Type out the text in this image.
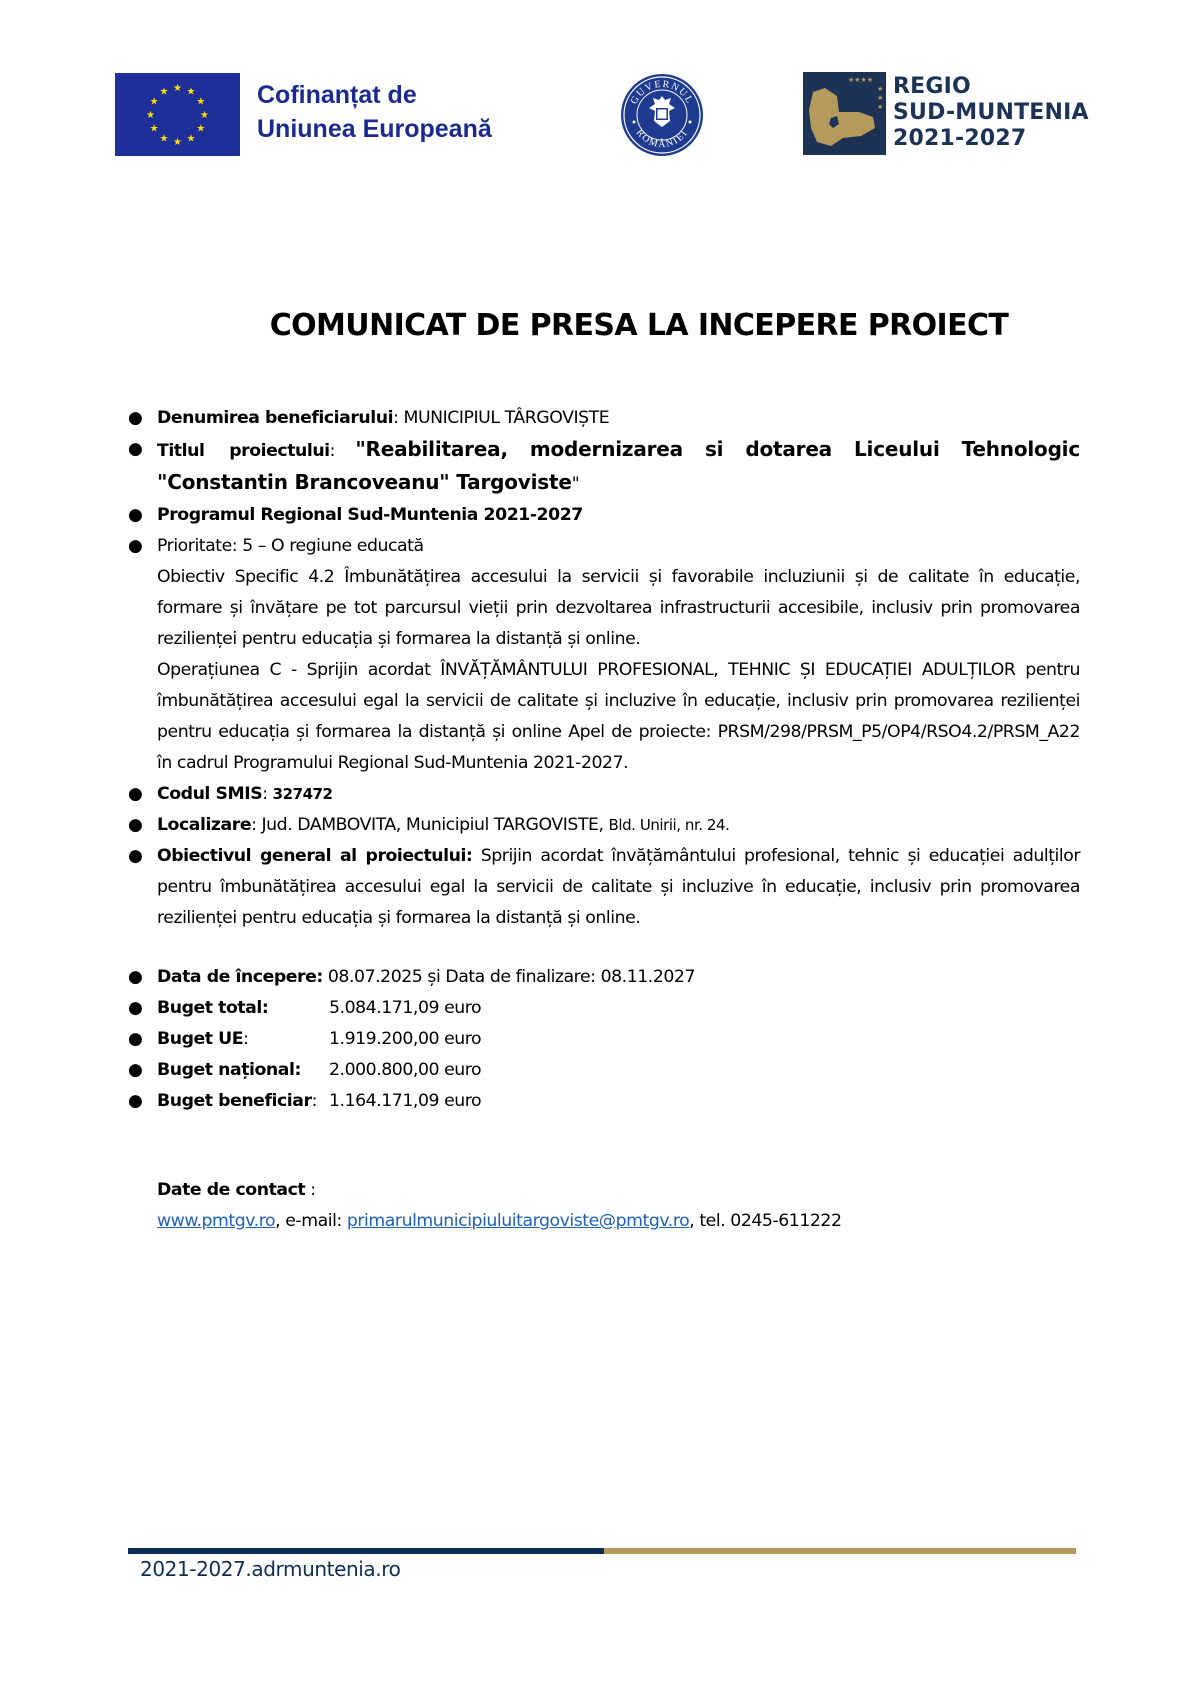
★ ★
★
★
★
★
★
★
★
★
★
★	Cofinanțat de
Uniunea Europeană
GUVERNUL
ROMÂNIEI
★★★★
★
★
★
REGIO
SUD-MUNTENIA
2021-2027
COMUNICAT DE PRESA LA INCEPERE PROIECT
● Denumirea beneficiarului: MUNICIPIUL TÂRGOVIȘTE
● Titlul proiectului: "Reabilitarea, modernizarea si dotarea Liceului Tehnologic "Constantin Brancoveanu" Targoviste"
● Programul Regional Sud-Muntenia 2021-2027
● Prioritate: 5 – O regiune educată
Obiectiv Specific 4.2 Îmbunătățirea accesului la servicii și favorabile incluziunii și de calitate în educație, formare și învățare pe tot parcursul vieții prin dezvoltarea infrastructurii accesibile, inclusiv prin promovarea rezilienței pentru educația și formarea la distanță și online.
Operațiunea C - Sprijin acordat ÎNVĂȚĂMÂNTULUI PROFESIONAL, TEHNIC ȘI EDUCAȚIEI ADULȚILOR pentru îmbunătățirea accesului egal la servicii de calitate și incluzive în educație, inclusiv prin promovarea rezilienței pentru educația și formarea la distanță și online Apel de proiecte: PRSM/298/PRSM_P5/OP4/RSO4.2/PRSM_A22 în cadrul Programului Regional Sud-Muntenia 2021-2027.
● Codul SMIS: 327472
● Localizare: Jud. DAMBOVITA, Municipiul TARGOVISTE, Bld. Unirii, nr. 24.
● Obiectivul general al proiectului: Sprijin acordat învățământului profesional, tehnic și educației adulților pentru îmbunătățirea accesului egal la servicii de calitate și incluzive în educație, inclusiv prin promovarea rezilienței pentru educația și formarea la distanță și online.
● Data de începere: 08.07.2025 și Data de finalizare: 08.11.2027
● Buget total:	5.084.171,09 euro
● Buget UE:	1.919.200,00 euro
● Buget național: 2.000.800,00 euro
● Buget beneficiar: 1.164.171,09 euro
Date de contact :
www.pmtgv.ro, e-mail: primarulmunicipiuluitargoviste@pmtgv.ro, tel. 0245-611222
2021-2027.adrmuntenia.ro
